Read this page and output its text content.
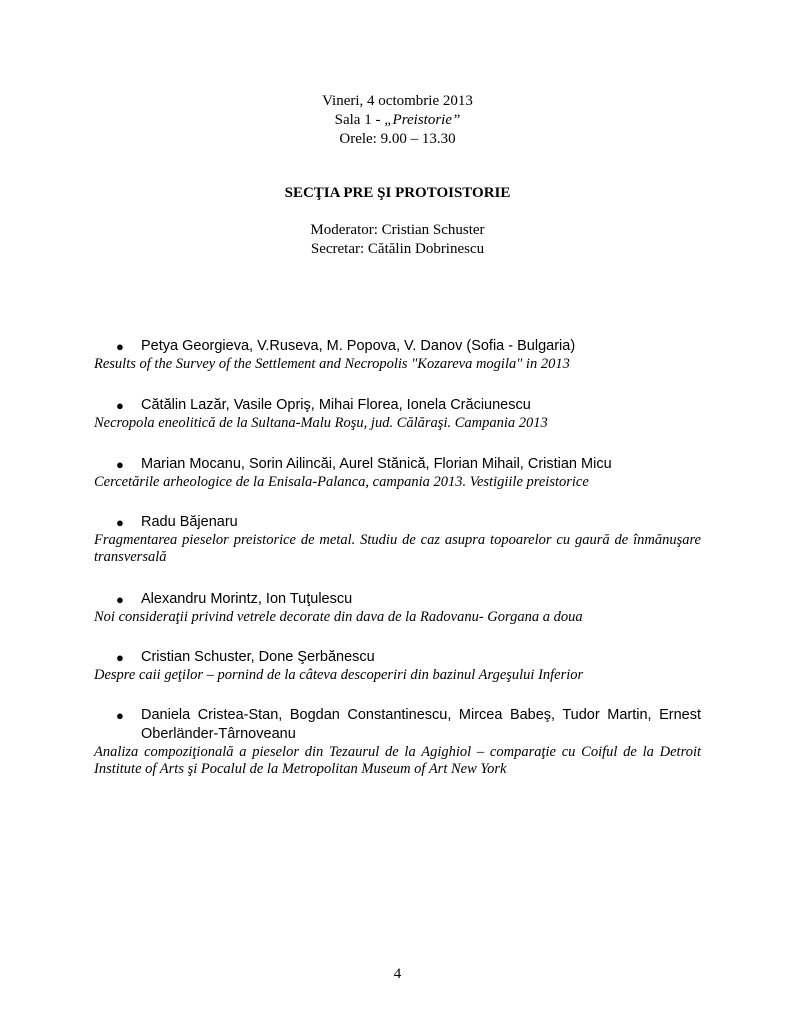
Vineri, 4 octombrie 2013
Sala 1 - „Preistorie”
Orele: 9.00 – 13.30
SECŢIA PRE ŞI PROTOISTORIE
Moderator: Cristian Schuster
Secretar: Cătălin Dobrinescu
● Petya Georgieva, V.Ruseva, M. Popova, V. Danov (Sofia - Bulgaria)
Results of the Survey of the Settlement and Necropolis "Kozareva mogila" in 2013
● Cătălin Lazăr, Vasile Opriş, Mihai Florea, Ionela Crăciunescu
Necropola eneolitică de la Sultana-Malu Roşu, jud. Călăraşi. Campania 2013
● Marian Mocanu, Sorin Ailincăi, Aurel Stănică, Florian Mihail, Cristian Micu
Cercetările arheologice de la Enisala-Palanca, campania 2013. Vestigiile preistorice
● Radu Băjenaru
Fragmentarea pieselor preistorice de metal. Studiu de caz asupra topoarelor cu gaură de înmănuşare transversală
● Alexandru Morintz, Ion Tuţulescu
Noi consideraţii privind vetrele decorate din dava de la Radovanu- Gorgana a doua
● Cristian Schuster, Done Şerbănescu
Despre caii geţilor – pornind de la câteva descoperiri din bazinul Argeşului Inferior
● Daniela Cristea-Stan, Bogdan Constantinescu, Mircea Babeş, Tudor Martin, Ernest Oberländer-Târnoveanu
Analiza compoziţională a pieselor din Tezaurul de la Agighiol – comparaţie cu Coiful de la Detroit Institute of Arts şi Pocalul de la Metropolitan Museum of Art New York
4
